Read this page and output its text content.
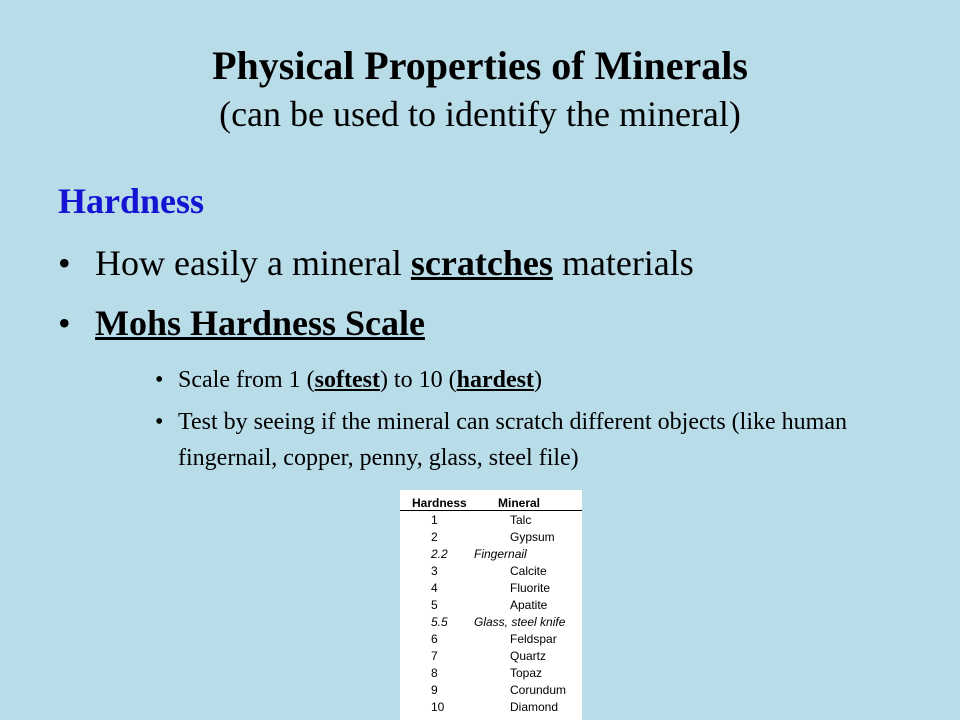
Physical Properties of Minerals
(can be used to identify the mineral)
Hardness
• How easily a mineral scratches materials
• Mohs Hardness Scale
• Scale from 1 (softest) to 10 (hardest)
• Test by seeing if the mineral can scratch different objects (like human fingernail, copper, penny, glass, steel file)
Hardness	Mineral
1	Talc
2	Gypsum
2.2 Fingernail
3	Calcite
4	Fluorite
5	Apatite
5.5 Glass, steel knife
6	Feldspar
7	Quartz
8	Topaz
9	Corundum
10	Diamond
